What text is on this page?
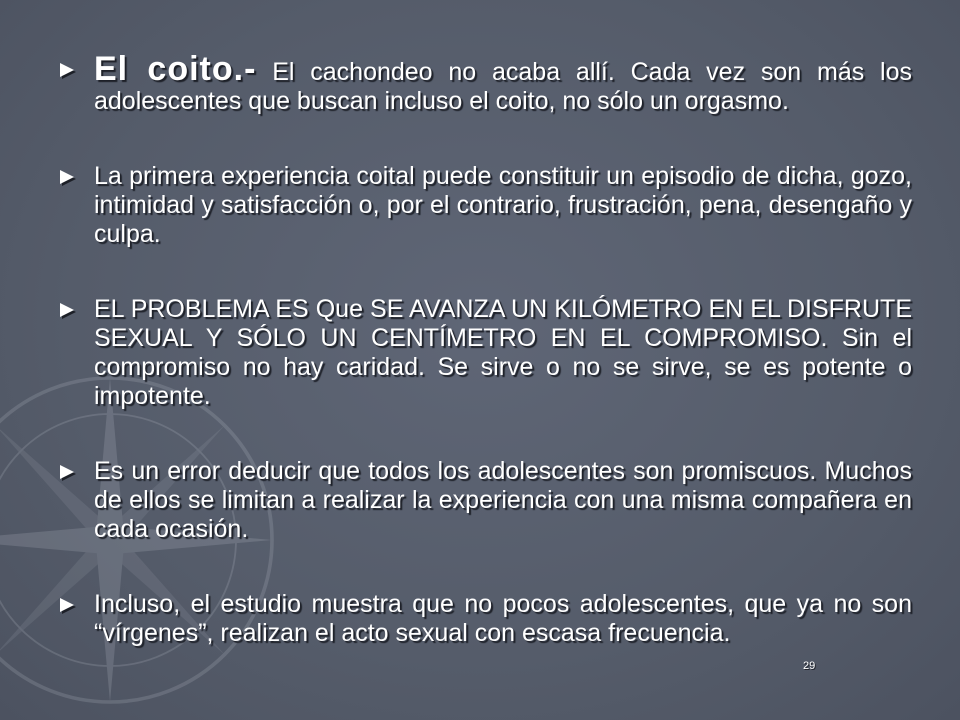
El coito.- El cachondeo no acaba allí. Cada vez son más los adolescentes que buscan incluso el coito, no sólo un orgasmo.
La primera experiencia coital puede constituir un episodio de dicha, gozo, intimidad y satisfacción o, por el contrario, frustración, pena, desengaño y culpa.
EL PROBLEMA ES Que SE AVANZA UN KILÓMETRO EN EL DISFRUTE SEXUAL Y SÓLO UN CENTÍMETRO EN EL COMPROMISO. Sin el compromiso no hay caridad. Se sirve o no se sirve, se es potente o impotente.
Es un error deducir que todos los adolescentes son promiscuos. Muchos de ellos se limitan a realizar la experiencia con una misma compañera en cada ocasión.
Incluso, el estudio muestra que no pocos adolescentes, que ya no son “vírgenes”, realizan el acto sexual con escasa frecuencia.
29
